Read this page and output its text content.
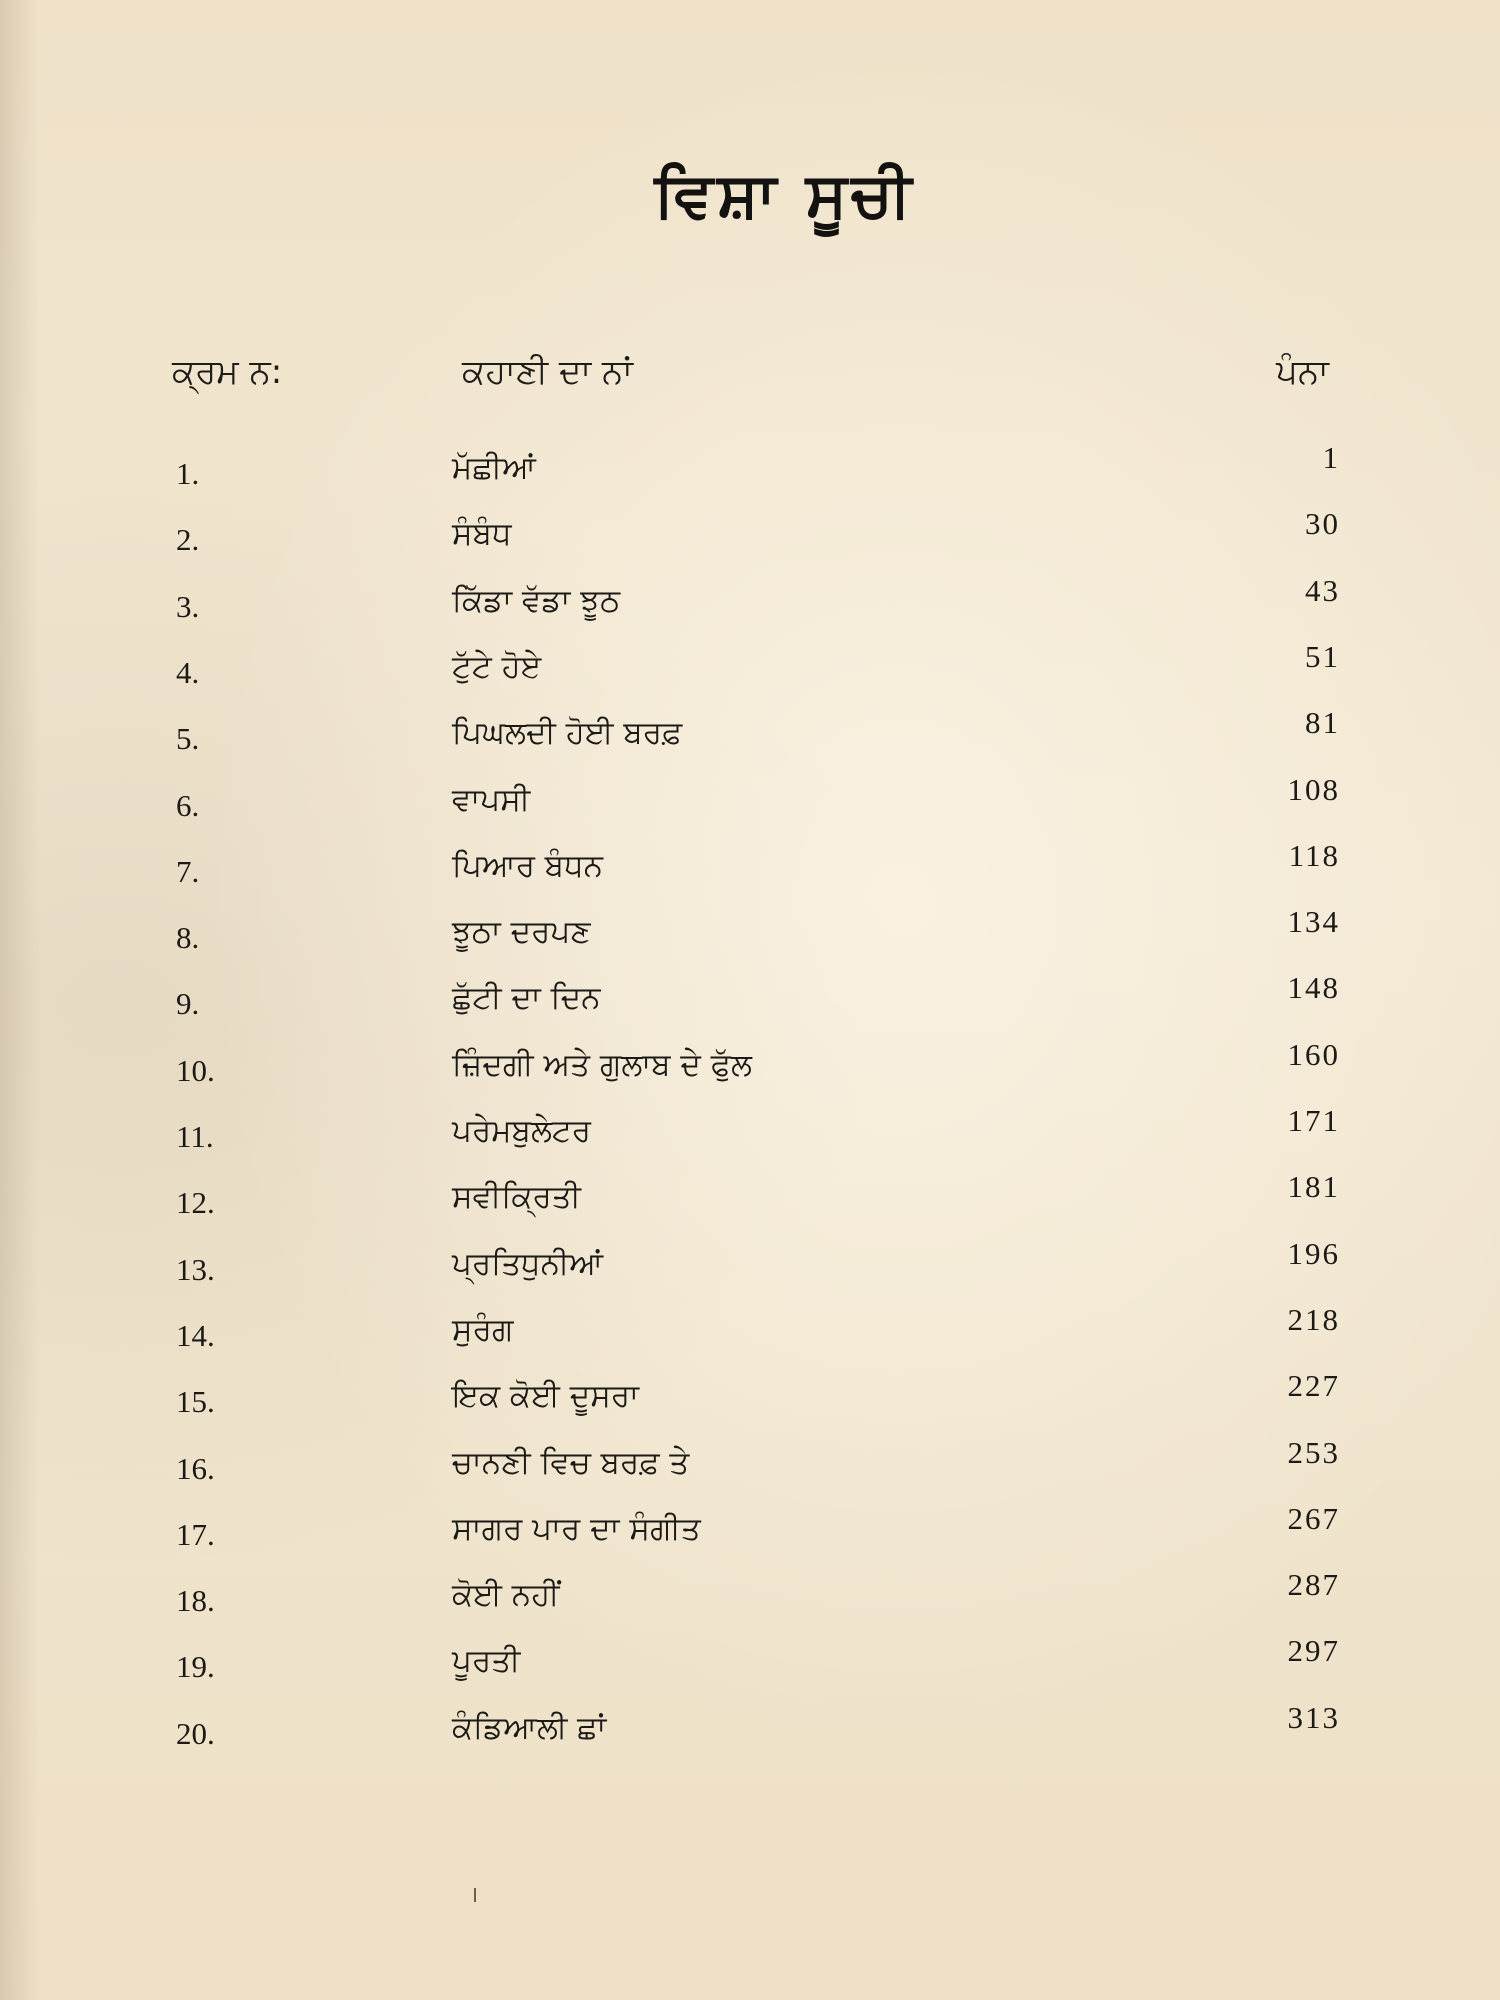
ਵਿਸ਼ਾ ਸੂਚੀ
ਕ੍ਰਮ ਨ:	ਕਹਾਣੀ ਦਾ ਨਾਂ	ਪੰਨਾ
1.	ਮੱਛੀਆਂ	1
2.	ਸੰਬੰਧ	30
3.	ਕਿੱਡਾ ਵੱਡਾ ਝੂਠ	43
4.	ਟੁੱਟੇ ਹੋਏ	51
5.	ਪਿਘਲਦੀ ਹੋਈ ਬਰਫ਼	81
6.	ਵਾਪਸੀ	108
7.	ਪਿਆਰ ਬੰਧਨ	118
8.	ਝੂਠਾ ਦਰਪਣ	134
9.	ਛੁੱਟੀ ਦਾ ਦਿਨ	148
10.	ਜ਼ਿੰਦਗੀ ਅਤੇ ਗੁਲਾਬ ਦੇ ਫੁੱਲ	160
11.	ਪਰੇਮਬੁਲੇਟਰ	171
12.	ਸਵੀਕ੍ਰਿਤੀ	181
13.	ਪ੍ਰਤਿਧੁਨੀਆਂ	196
14.	ਸੁਰੰਗ	218
15.	ਇਕ ਕੋਈ ਦੂਸਰਾ	227
16.	ਚਾਨਣੀ ਵਿਚ ਬਰਫ਼ ਤੇ	253
17.	ਸਾਗਰ ਪਾਰ ਦਾ ਸੰਗੀਤ	267
18.	ਕੋਈ ਨਹੀਂ	287
19.	ਪੂਰਤੀ	297
20.	ਕੰਡਿਆਲੀ ਛਾਂ	313
